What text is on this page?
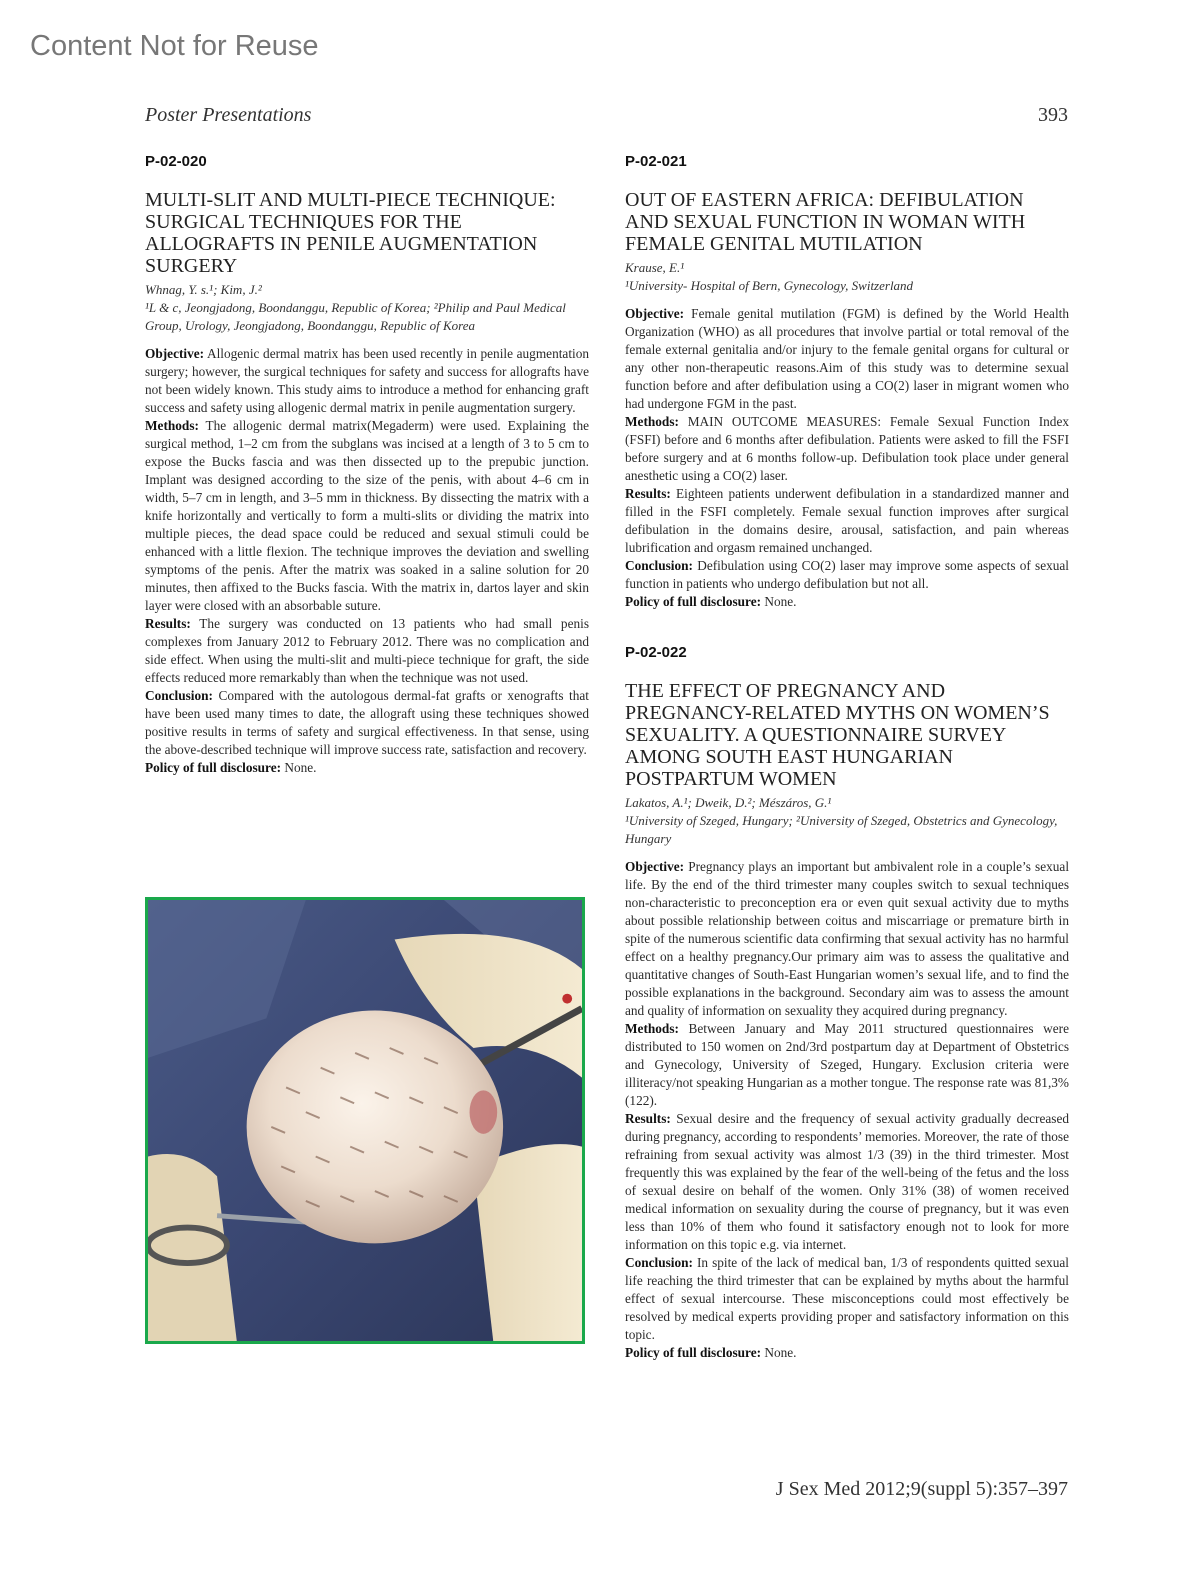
Content Not for Reuse
Poster Presentations	393
P-02-020
MULTI-SLIT AND MULTI-PIECE TECHNIQUE: SURGICAL TECHNIQUES FOR THE ALLOGRAFTS IN PENILE AUGMENTATION SURGERY

Whnag, Y. s.¹; Kim, J.²

¹L & c, Jeongjadong, Boondanggu, Republic of Korea; ²Philip and Paul Medical Group, Urology, Jeongjadong, Boondanggu, Republic of Korea

Objective: Allogenic dermal matrix has been used recently in penile augmentation surgery; however, the surgical techniques for safety and success for allografts have not been widely known. This study aims to introduce a method for enhancing graft success and safety using allogenic dermal matrix in penile augmentation surgery.

Methods: The allogenic dermal matrix(Megaderm) were used. Explaining the surgical method, 1–2 cm from the subglans was incised at a length of 3 to 5 cm to expose the Bucks fascia and was then dissected up to the prepubic junction. Implant was designed according to the size of the penis, with about 4–6 cm in width, 5–7 cm in length, and 3–5 mm in thickness. By dissecting the matrix with a knife horizontally and vertically to form a multi-slits or dividing the matrix into multiple pieces, the dead space could be reduced and sexual stimuli could be enhanced with a little flexion. The technique improves the deviation and swelling symptoms of the penis. After the matrix was soaked in a saline solution for 20 minutes, then affixed to the Bucks fascia. With the matrix in, dartos layer and skin layer were closed with an absorbable suture.

Results: The surgery was conducted on 13 patients who had small penis complexes from January 2012 to February 2012. There was no complication and side effect. When using the multi-slit and multi-piece technique for graft, the side effects reduced more remarkably than when the technique was not used.

Conclusion: Compared with the autologous dermal-fat grafts or xenografts that have been used many times to date, the allograft using these techniques showed positive results in terms of safety and surgical effectiveness. In that sense, using the above-described technique will improve success rate, satisfaction and recovery.

Policy of full disclosure: None.

P-02-021
OUT OF EASTERN AFRICA: DEFIBULATION AND SEXUAL FUNCTION IN WOMAN WITH FEMALE GENITAL MUTILATION

Krause, E.¹

¹University- Hospital of Bern, Gynecology, Switzerland

Objective: Female genital mutilation (FGM) is defined by the World Health Organization (WHO) as all procedures that involve partial or total removal of the female external genitalia and/or injury to the female genital organs for cultural or any other non-therapeutic reasons.Aim of this study was to determine sexual function before and after defibulation using a CO(2) laser in migrant women who had undergone FGM in the past.

Methods: MAIN OUTCOME MEASURES: Female Sexual Function Index (FSFI) before and 6 months after defibulation. Patients were asked to fill the FSFI before surgery and at 6 months follow-up. Defibulation took place under general anesthetic using a CO(2) laser.

Results: Eighteen patients underwent defibulation in a standardized manner and filled in the FSFI completely. Female sexual function improves after surgical defibulation in the domains desire, arousal, satisfaction, and pain whereas lubrification and orgasm remained unchanged.

Conclusion: Defibulation using CO(2) laser may improve some aspects of sexual function in patients who undergo defibulation but not all.

Policy of full disclosure: None.

P-02-022
THE EFFECT OF PREGNANCY AND PREGNANCY-RELATED MYTHS ON WOMEN’S SEXUALITY. A QUESTIONNAIRE SURVEY AMONG SOUTH EAST HUNGARIAN POSTPARTUM WOMEN

Lakatos, A.¹; Dweik, D.²; Mészáros, G.¹

¹University of Szeged, Hungary; ²University of Szeged, Obstetrics and Gynecology, Hungary

Objective: Pregnancy plays an important but ambivalent role in a couple’s sexual life. By the end of the third trimester many couples switch to sexual techniques non-characteristic to preconception era or even quit sexual activity due to myths about possible relationship between coitus and miscarriage or premature birth in spite of the numerous scientific data confirming that sexual activity has no harmful effect on a healthy pregnancy.Our primary aim was to assess the qualitative and quantitative changes of South-East Hungarian women’s sexual life, and to find the possible explanations in the background. Secondary aim was to assess the amount and quality of information on sexuality they acquired during pregnancy.

Methods: Between January and May 2011 structured questionnaires were distributed to 150 women on 2nd/3rd postpartum day at Department of Obstetrics and Gynecology, University of Szeged, Hungary. Exclusion criteria were illiteracy/not speaking Hungarian as a mother tongue. The response rate was 81,3% (122).

Results: Sexual desire and the frequency of sexual activity gradually decreased during pregnancy, according to respondents’ memories. Moreover, the rate of those refraining from sexual activity was almost 1/3 (39) in the third trimester. Most frequently this was explained by the fear of the well-being of the fetus and the loss of sexual desire on behalf of the women. Only 31% (38) of women received medical information on sexuality during the course of pregnancy, but it was even less than 10% of them who found it satisfactory enough not to look for more information on this topic e.g. via internet.

Conclusion: In spite of the lack of medical ban, 1/3 of respondents quitted sexual life reaching the third trimester that can be explained by myths about the harmful effect of sexual intercourse. These misconceptions could most effectively be resolved by medical experts providing proper and satisfactory information on this topic.

Policy of full disclosure: None.

J Sex Med 2012;9(suppl 5):357–397
